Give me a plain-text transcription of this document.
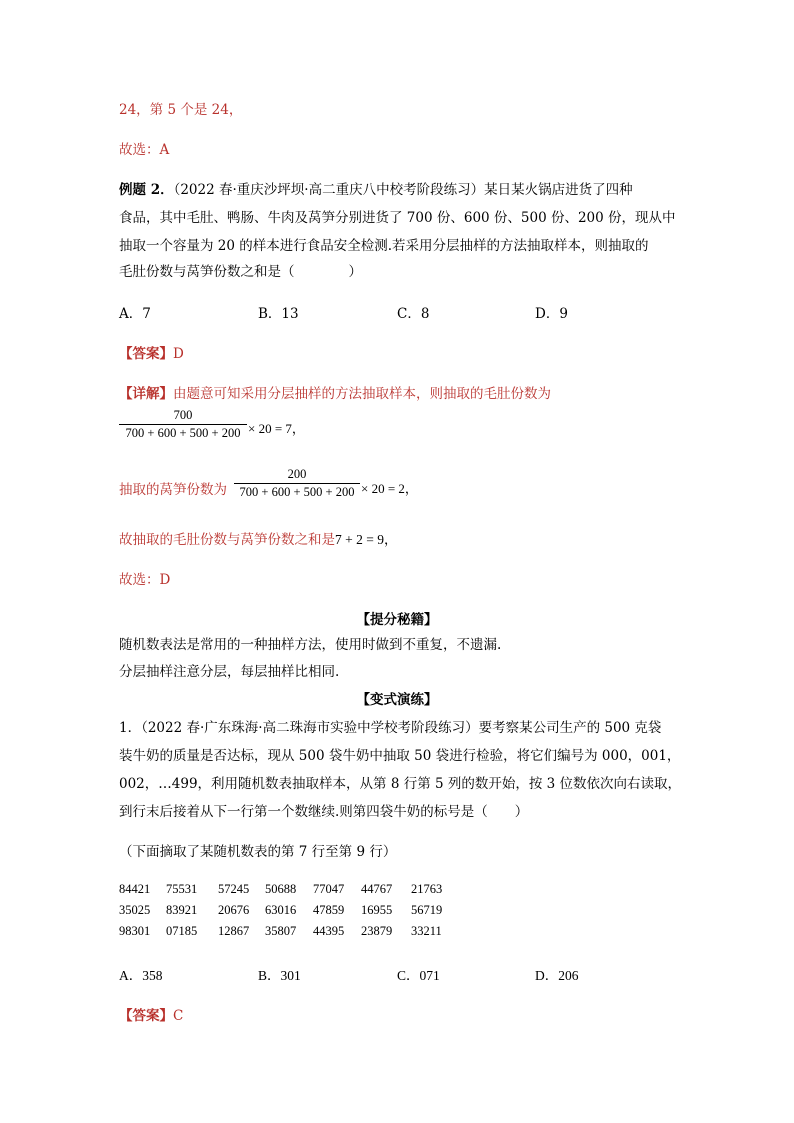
24，第 5 个是 24，
故选：A
例题 2．（2022 春·重庆沙坪坝·高二重庆八中校考阶段练习）某日某火锅店进货了四种
食品，其中毛肚、鸭肠、牛肉及莴笋分别进货了 700 份、600 份、500 份、200 份，现从中
抽取一个容量为 20 的样本进行食品安全检测.若采用分层抽样的方法抽取样本，则抽取的
毛肚份数与莴笋份数之和是（　　　　）
A．7	B．13	C．8	D．9
【答案】D
【详解】由题意可知采用分层抽样的方法抽取样本，则抽取的毛肚份数为
700
700 + 600 + 500 + 200 × 20 = 7，
抽取的莴笋份数为
200
700 + 600 + 500 + 200 × 20 = 2，
故抽取的毛肚份数与莴笋份数之和是7 + 2 = 9，
故选：D
【提分秘籍】
随机数表法是常用的一种抽样方法，使用时做到不重复，不遗漏.
分层抽样注意分层，每层抽样比相同.
【变式演练】
1．（2022 春·广东珠海·高二珠海市实验中学校考阶段练习）要考察某公司生产的 500 克袋
装牛奶的质量是否达标，现从 500 袋牛奶中抽取 50 袋进行检验，将它们编号为 000，001，
002，…499，利用随机数表抽取样本，从第 8 行第 5 列的数开始，按 3 位数依次向右读取，
到行末后接着从下一行第一个数继续.则第四袋牛奶的标号是（　　）
（下面摘取了某随机数表的第 7 行至第 9 行）
84421 75531 57245 50688 77047 44767 21763
35025 83921 20676 63016 47859 16955 56719
98301 07185 12867 35807 44395 23879 33211
A．358	B．301	C．071	D．206
【答案】C
